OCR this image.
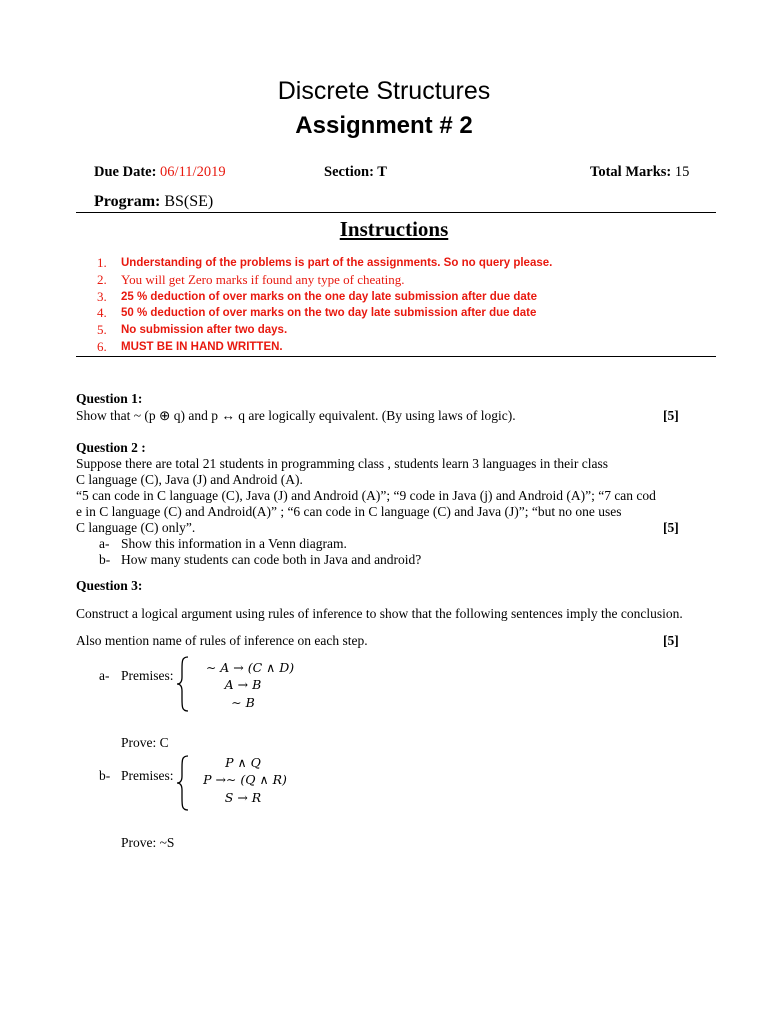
Discrete Structures
Assignment # 2
Due Date: 06/11/2019	Section: T	Total Marks: 15
Program: BS(SE)
Instructions
1. Understanding of the problems is part of the assignments. So no query please.
2. You will get Zero marks if found any type of cheating.
3. 25 % deduction of over marks on the one day late submission after due date
4. 50 % deduction of over marks on the two day late submission after due date
5. No submission after two days.
6. MUST BE IN HAND WRITTEN.
Question 1:
Show that ~ (p ⊕ q) and p ↔ q are logically equivalent. (By using laws of logic).	[5]
Question 2 :
Suppose there are total 21 students in programming class , students learn 3 languages in their class
C language (C), Java (J) and Android (A).
“5 can code in C language (C), Java (J) and Android (A)”; “9 code in Java (j) and Android (A)”; “7 can cod
e in C language (C) and Android(A)” ; “6 can code in C language (C) and Java (J)”; “but no one uses
C language (C) only”.	[5]
a- Show this information in a Venn diagram.
b- How many students can code both in Java and android?
Question 3:
Construct a logical argument using rules of inference to show that the following sentences imply the conclusion.
Also mention name of rules of inference on each step.	[5]
a- Premises:
∼ A → (C ∧ D)
A → B
∼ B
Prove: C
b- Premises:
P ∧ Q
P →∼ (Q ∧ R)
S → R
Prove: ~S
